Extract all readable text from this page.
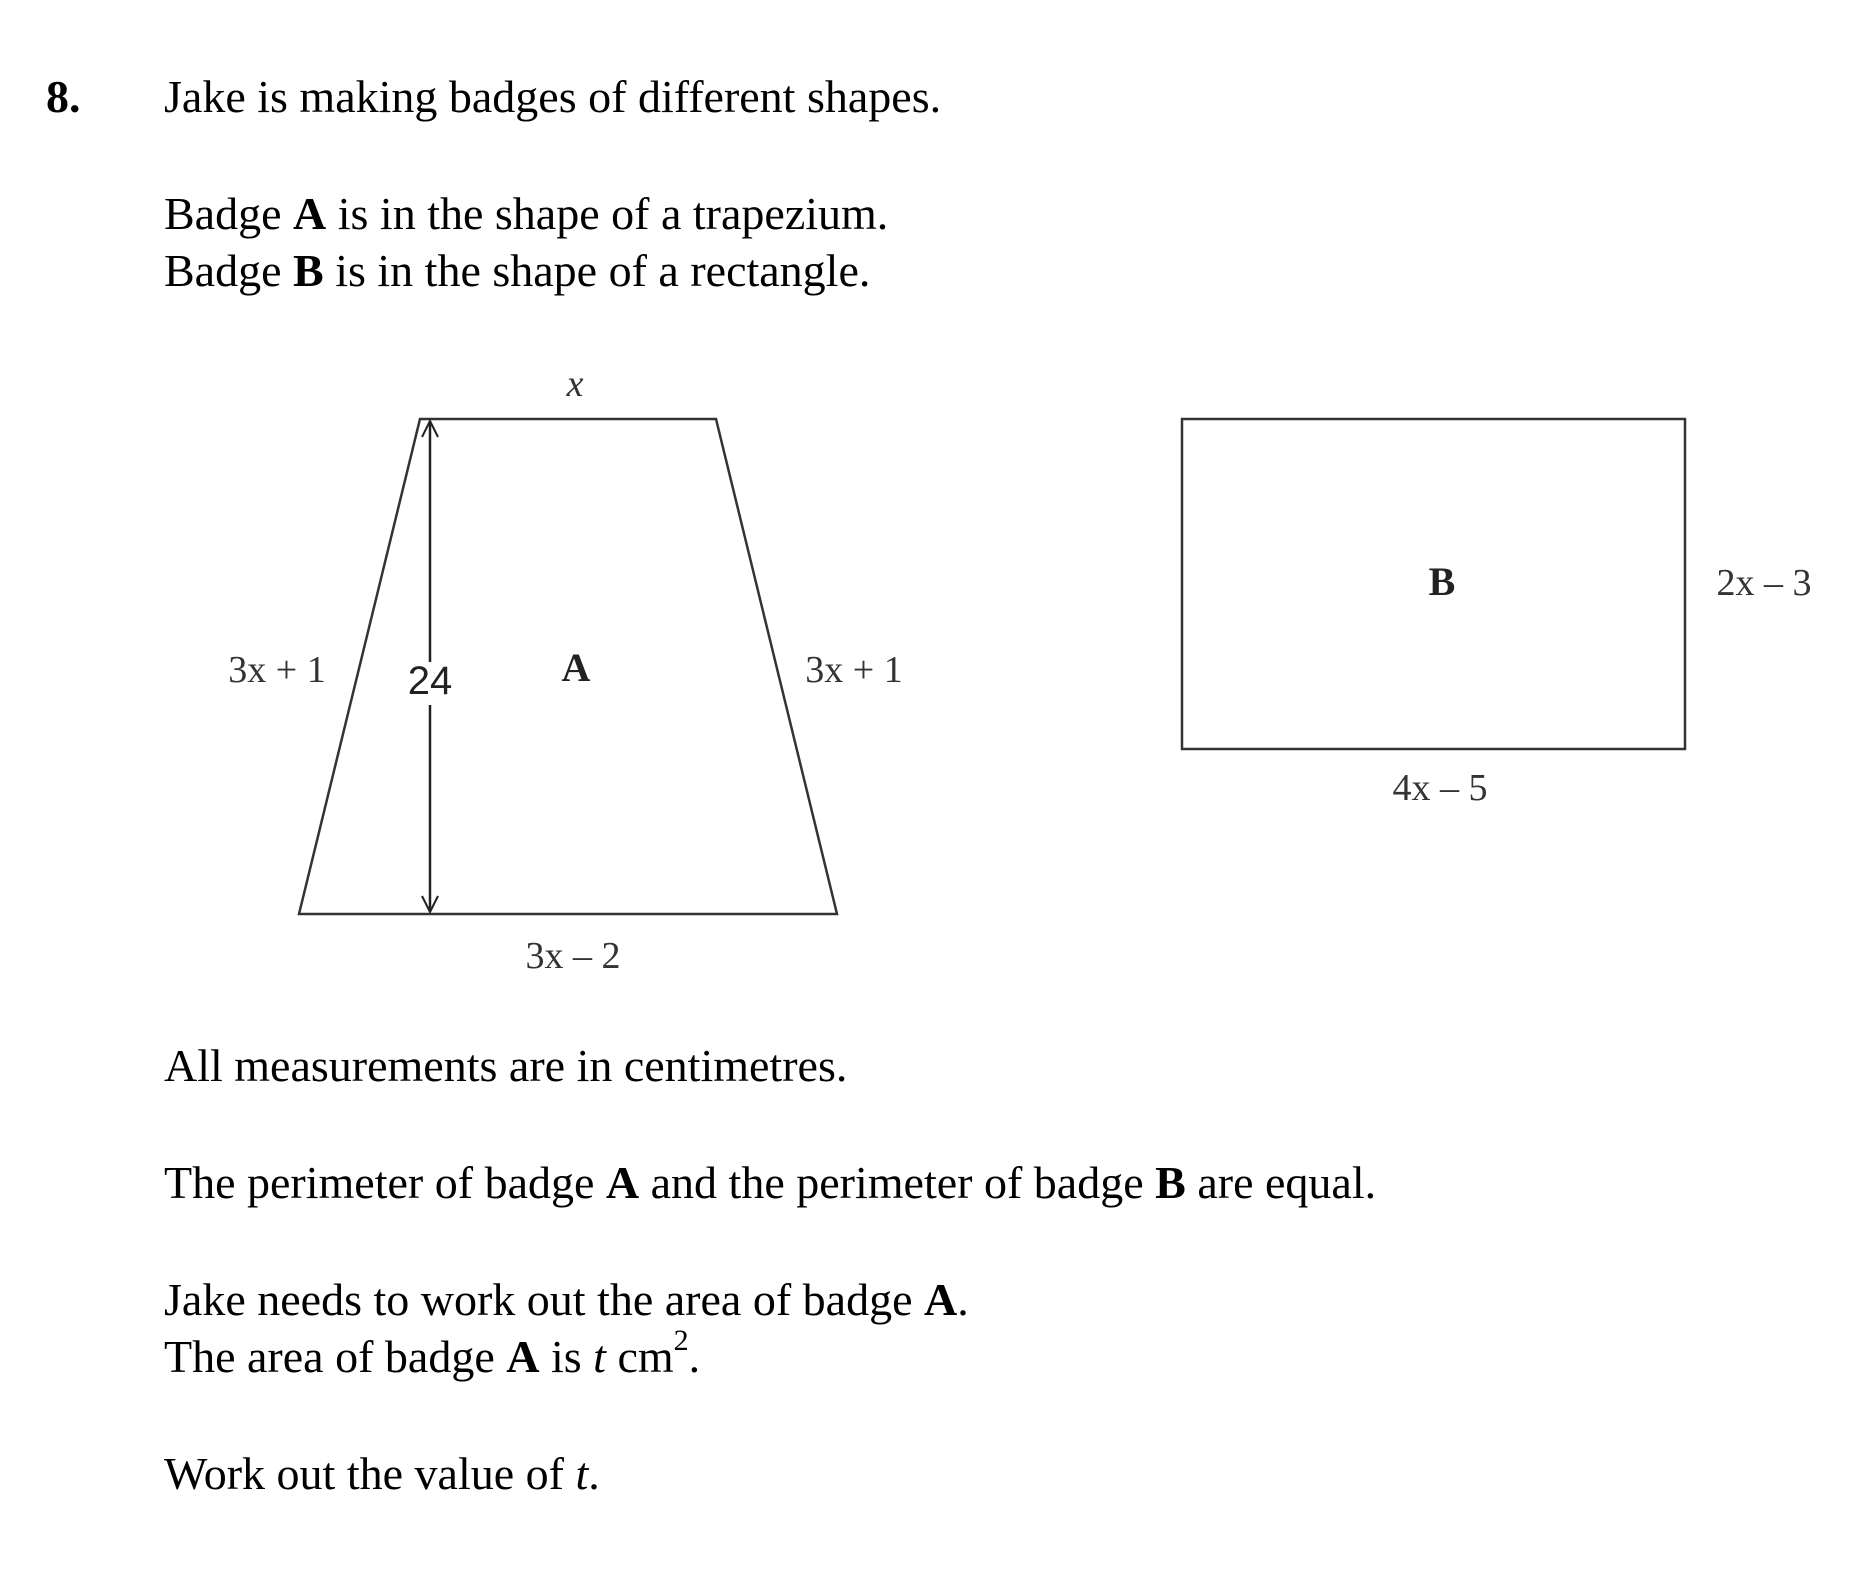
8. Jake is making badges of different shapes.
Badge A is in the shape of a trapezium.
Badge B is in the shape of a rectangle.
24
x
3x + 1	3x + 1
A
3x – 2
B	2x – 3
4x – 5
All measurements are in centimetres.
The perimeter of badge A and the perimeter of badge B are equal.
Jake needs to work out the area of badge A.
The area of badge A is t $cm^2$.
Work out the value of t.
